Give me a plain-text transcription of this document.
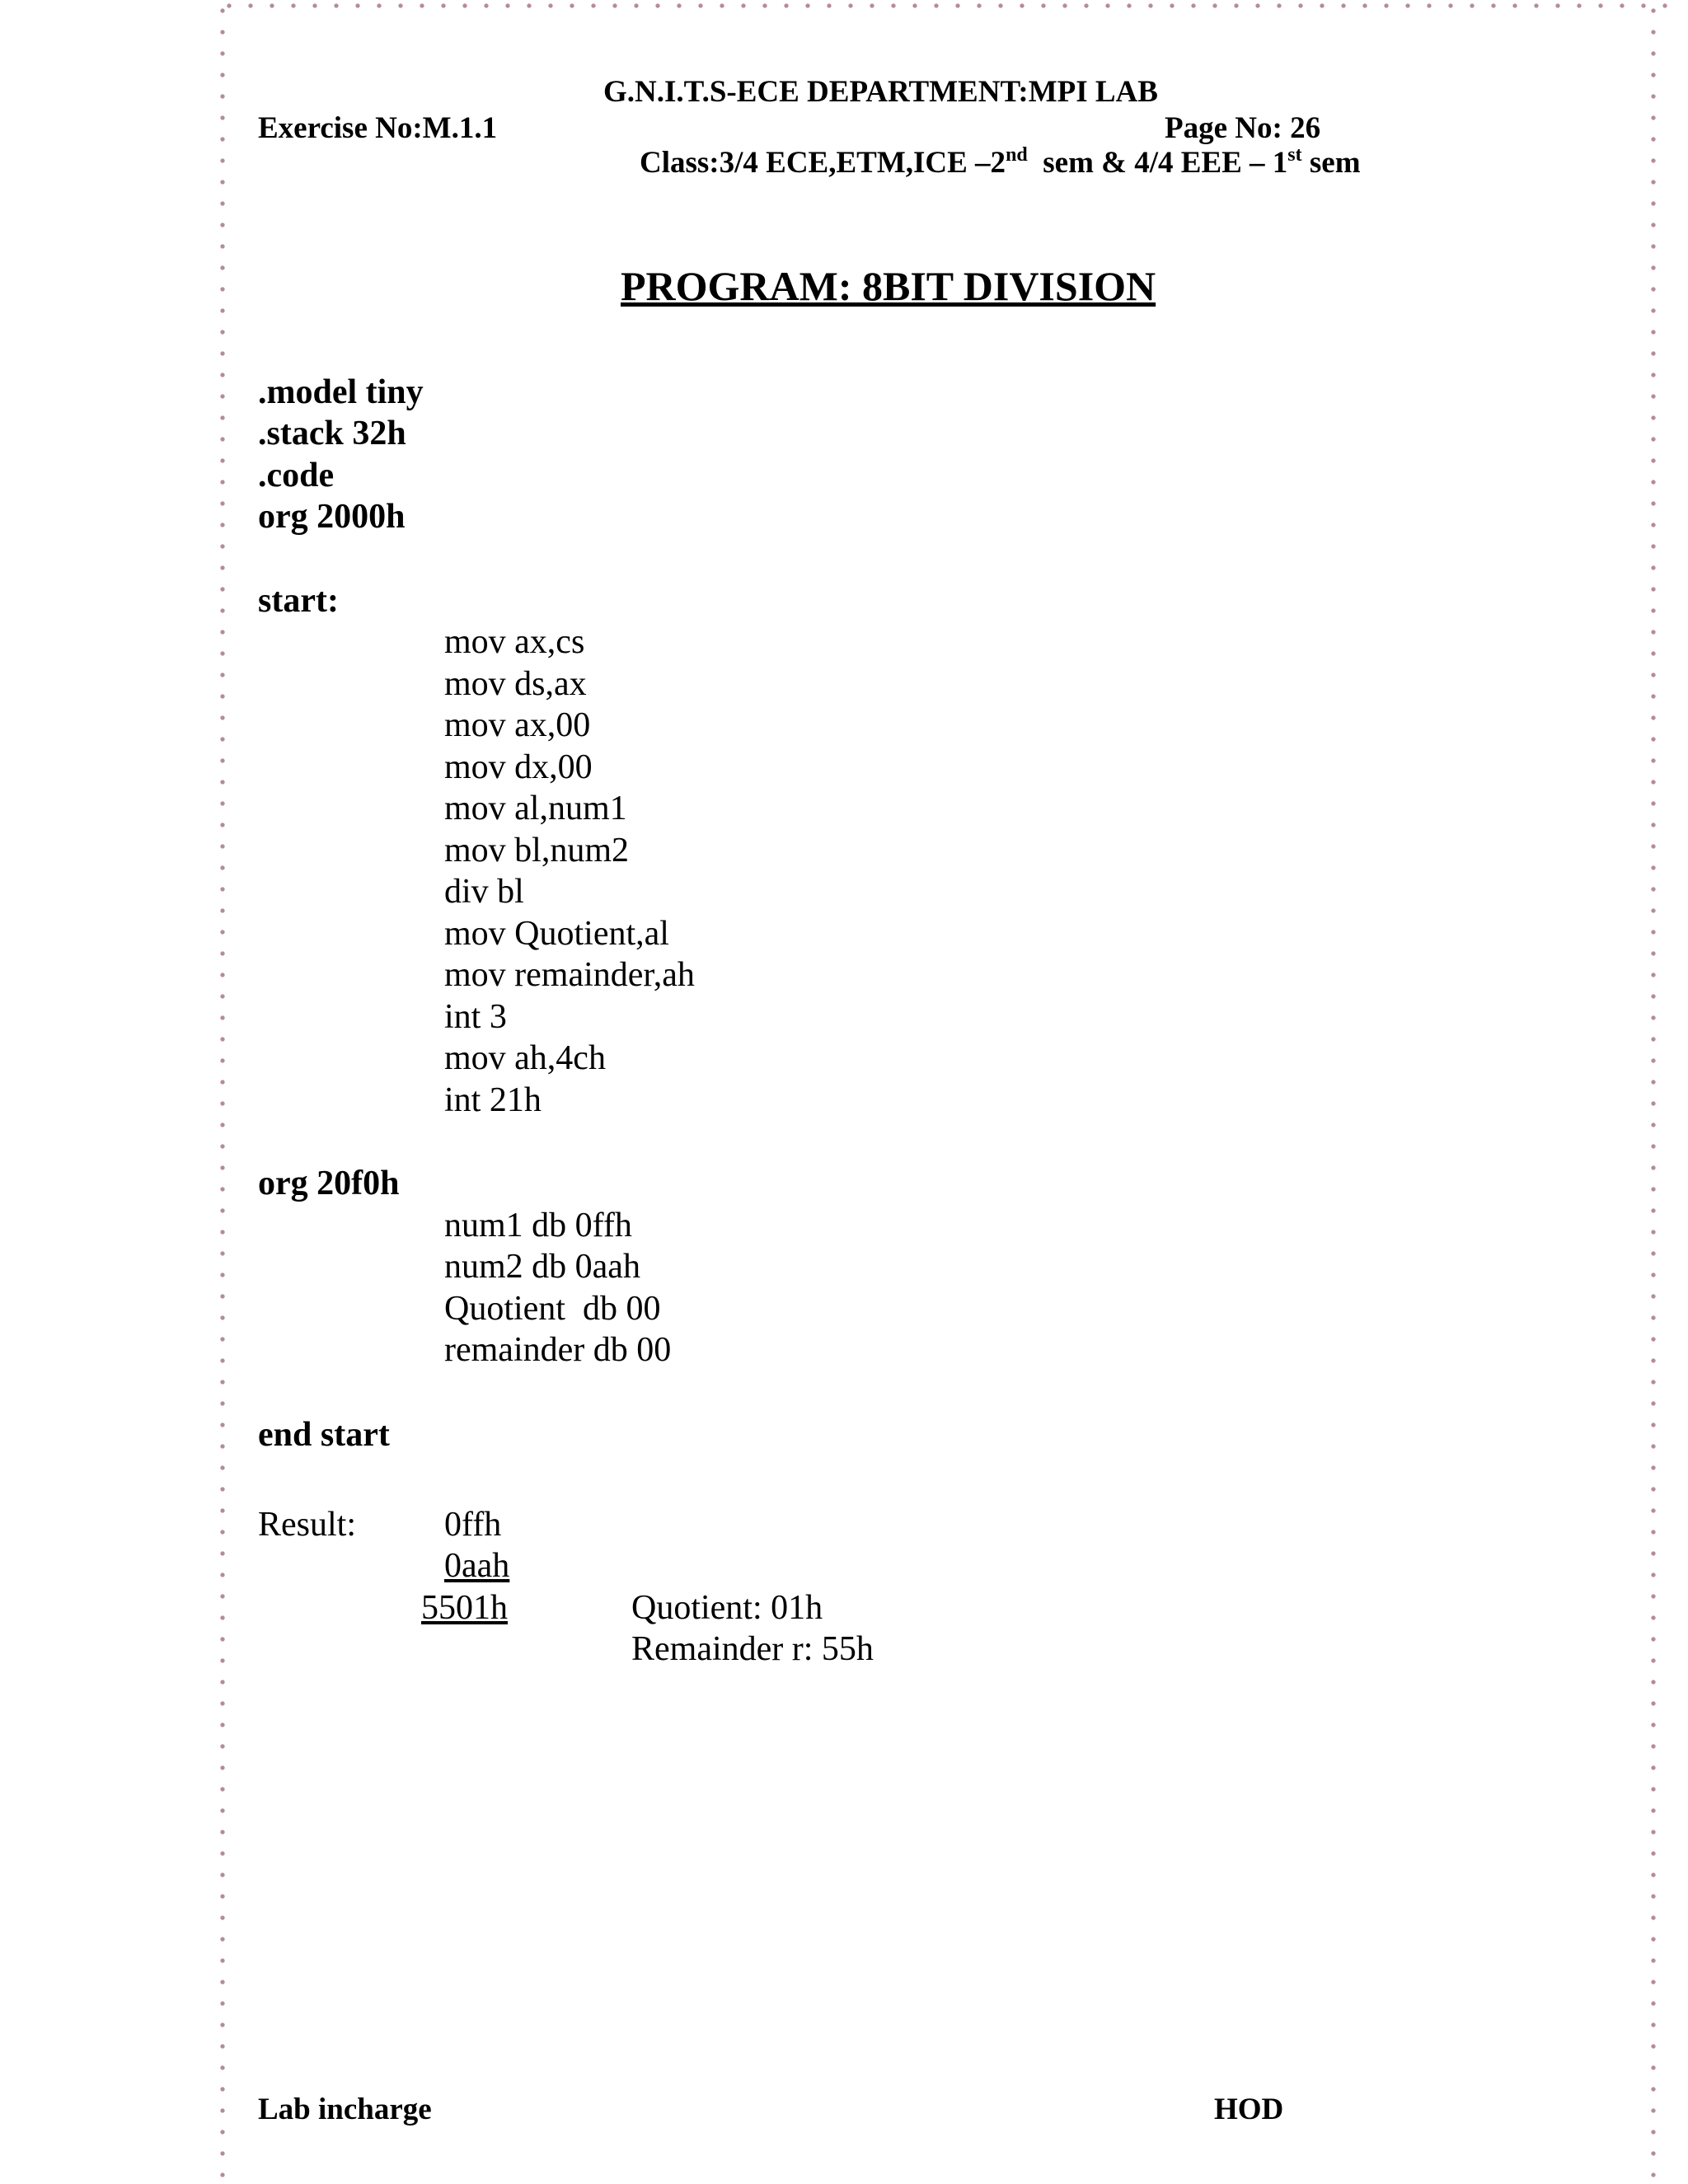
G.N.I.T.S-ECE DEPARTMENT:MPI LAB
Exercise No:M.1.1	Page No: 26
Class:3/4 ECE,ETM,ICE –2nd  sem & 4/4 EEE – 1st sem
PROGRAM: 8BIT DIVISION
.model tiny
.stack 32h
.code
org 2000h
start:
mov ax,cs
mov ds,ax
mov ax,00
mov dx,00
mov al,num1
mov bl,num2
div bl
mov Quotient,al
mov remainder,ah
int 3
mov ah,4ch
int 21h
org 20f0h
num1 db 0ffh
num2 db 0aah
Quotient  db 00
remainder db 00
end start
Result:	0ffh
0aah
5501h	Quotient: 01h
Remainder r: 55h
Lab incharge	HOD
